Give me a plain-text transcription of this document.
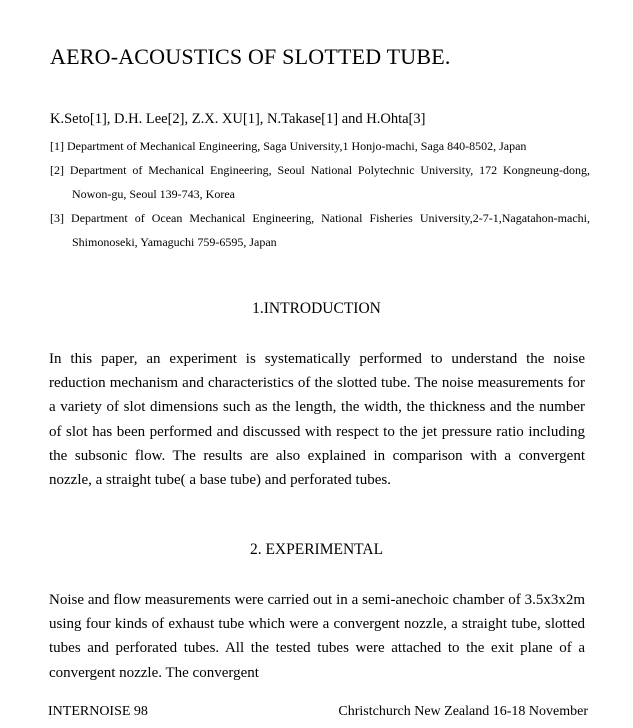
AERO-ACOUSTICS OF SLOTTED TUBE.
K.Seto[1], D.H. Lee[2], Z.X. XU[1], N.Takase[1] and H.Ohta[3]
[1] Department of Mechanical Engineering, Saga University,1 Honjo-machi, Saga 840-8502, Japan
[2] Department of Mechanical Engineering, Seoul National Polytechnic University, 172 Kongneung-dong, Nowon-gu, Seoul 139-743, Korea
[3] Department of Ocean Mechanical Engineering, National Fisheries University,2-7-1,Nagatahon-machi, Shimonoseki, Yamaguchi 759-6595, Japan
1.INTRODUCTION
In this paper, an experiment is systematically performed to understand the noise reduction mechanism and characteristics of the slotted tube. The noise measurements for a variety of slot dimensions such as the length, the width, the thickness and the number of slot has been performed and discussed with respect to the jet pressure ratio including the subsonic flow. The results are also explained in comparison with a convergent nozzle, a straight tube( a base tube) and perforated tubes.
2. EXPERIMENTAL
Noise and flow measurements were carried out in a semi-anechoic chamber of 3.5x3x2m using four kinds of exhaust tube which were a convergent nozzle, a straight tube, slotted tubes and perforated tubes. All the tested tubes were attached to the exit plane of a convergent nozzle. The convergent
INTERNOISE 98	Christchurch New Zealand 16-18 November
